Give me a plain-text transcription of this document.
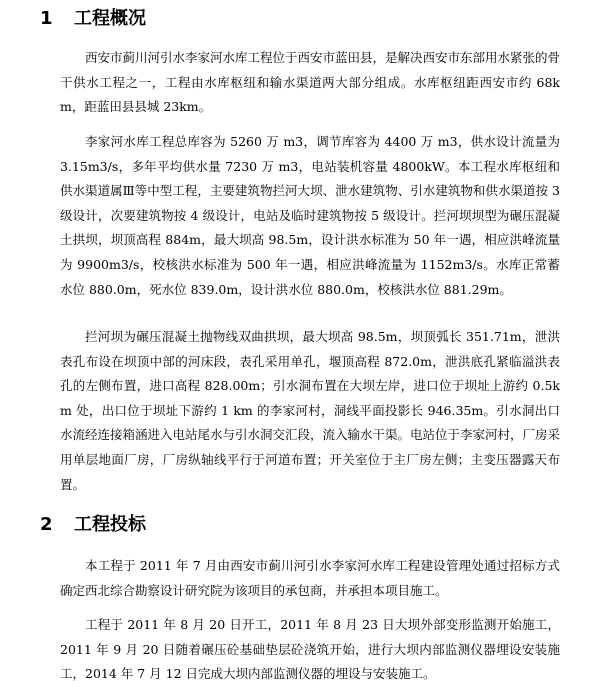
1 工程概况

西安市蓟川河引水李家河水库工程位于西安市蓝田县，是解决西安市东部用水紧张的骨干供水工程之一，工程由水库枢纽和输水渠道两大部分组成。水库枢纽距西安市约 68km，距蓝田县县城 23km。

李家河水库工程总库容为 5260 万 m3，调节库容为 4400 万 m3，供水设计流量为 3.15m3/s，多年平均供水量 7230 万 m3，电站装机容量 4800kW。本工程水库枢纽和供水渠道属Ⅲ等中型工程，主要建筑物拦河大坝、泄水建筑物、引水建筑物和供水渠道按 3 级设计，次要建筑物按 4 级设计，电站及临时建筑物按 5 级设计。拦河坝坝型为碾压混凝土拱坝，坝顶高程 884m，最大坝高 98.5m，设计洪水标准为 50 年一遇，相应洪峰流量为 9900m3/s，校核洪水标准为 500 年一遇，相应洪峰流量为 1152m3/s。水库正常蓄水位 880.0m，死水位 839.0m，设计洪水位 880.0m，校核洪水位 881.29m。

拦河坝为碾压混凝土抛物线双曲拱坝，最大坝高 98.5m，坝顶弧长 351.71m，泄洪表孔布设在坝顶中部的河床段，表孔采用单孔，堰顶高程 872.0m，泄洪底孔紧临溢洪表孔的左侧布置，进口高程 828.00m；引水洞布置在大坝左岸，进口位于坝址上游约 0.5km 处，出口位于坝址下游约 1 km 的李家河村，洞线平面投影长 946.35m。引水洞出口水流经连接箱涵进入电站尾水与引水洞交汇段，流入输水干渠。电站位于李家河村，厂房采用单层地面厂房，厂房纵轴线平行于河道布置；开关室位于主厂房左侧；主变压器露天布置。

2 工程投标

本工程于 2011 年 7 月由西安市蓟川河引水李家河水库工程建设管理处通过招标方式确定西北综合勘察设计研究院为该项目的承包商，并承担本项目施工。

工程于 2011 年 8 月 20 日开工，2011 年 8 月 23 日大坝外部变形监测开始施工，2011 年 9 月 20 日随着碾压砼基础垫层砼浇筑开始，进行大坝内部监测仪器埋设安装施工，2014 年 7 月 12 日完成大坝内部监测仪器的埋设与安装施工。
